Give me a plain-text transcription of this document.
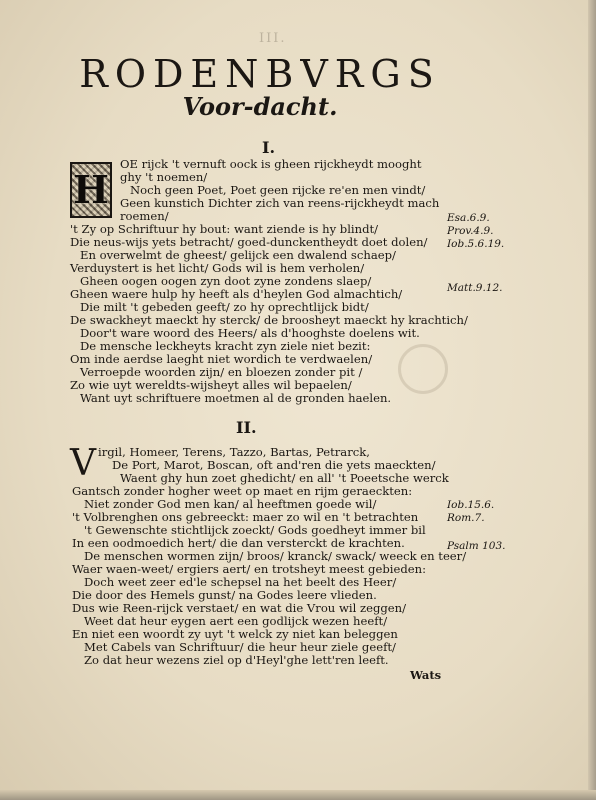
III.
RODENBVRGS
Voor-dacht.
I.
H
OE rijck 't vernuft oock is gheen rijckheydt mooght
ghy 't noemen/
Noch geen Poet, Poet geen rijcke re'en men vindt/
Geen kunstich Dichter zich van reens-rijckheydt mach
roemen/
't Zy op Schriftuur hy bout: want ziende is hy blindt/
Die neus-wijs yets betracht/ goed-dunckentheydt doet dolen/
En overwelmt de gheest/ gelijck een dwalend schaep/
Verduystert is het licht/ Gods wil is hem verholen/
Gheen oogen oogen zyn doot zyne zondens slaep/
Gheen waere hulp hy heeft als d'heylen God almachtich/
Die milt 't gebeden geeft/ zo hy oprechtlijck bidt/
De swackheyt maeckt hy sterck/ de broosheyt maeckt hy krachtich/
Door't ware woord des Heers/ als d'hooghste doelens wit.
De mensche leckheyts kracht zyn ziele niet bezit:
Om inde aerdse laeght niet wordich te verdwaelen/
Verroepde woorden zijn/ en bloezen zonder pit /
Zo wie uyt wereldts-wijsheyt alles wil bepaelen/
Want uyt schriftuere moetmen al de gronden haelen.
Esa.6.9.
Prov.4.9.
Iob.5.6.19.
Matt.9.12.
II.
V irgil, Homeer, Terens, Tazzo, Bartas, Petrarck,
De Port, Marot, Boscan, oft and'ren die yets maeckten/
Waent ghy hun zoet ghedicht/ en all' 't Poeetsche werck
Gantsch zonder hogher weet op maet en rijm geraeckten:
Niet zonder God men kan/ al heeftmen goede wil/
't Volbrenghen ons gebreeckt: maer zo wil en 't betrachten
't Gewenschte stichtlijck zoeckt/ Gods goedheyt immer bil
In een oodmoedich hert/ die dan versterckt de krachten.
De menschen wormen zijn/ broos/ kranck/ swack/ weeck en teer/
Waer waen-weet/ ergiers aert/ en trotsheyt meest gebieden:
Doch weet zeer ed'le schepsel na het beelt des Heer/
Die door des Hemels gunst/ na Godes leere vlieden.
Dus wie Reen-rijck verstaet/ en wat die Vrou wil zeggen/
Weet dat heur eygen aert een godlijck wezen heeft/
En niet een woordt zy uyt 't welck zy niet kan beleggen
Met Cabels van Schriftuur/ die heur heur ziele geeft/
Zo dat heur wezens ziel op d'Heyl'ghe lett'ren leeft.
Iob.15.6.
Rom.7.
Psalm 103.
Wats
